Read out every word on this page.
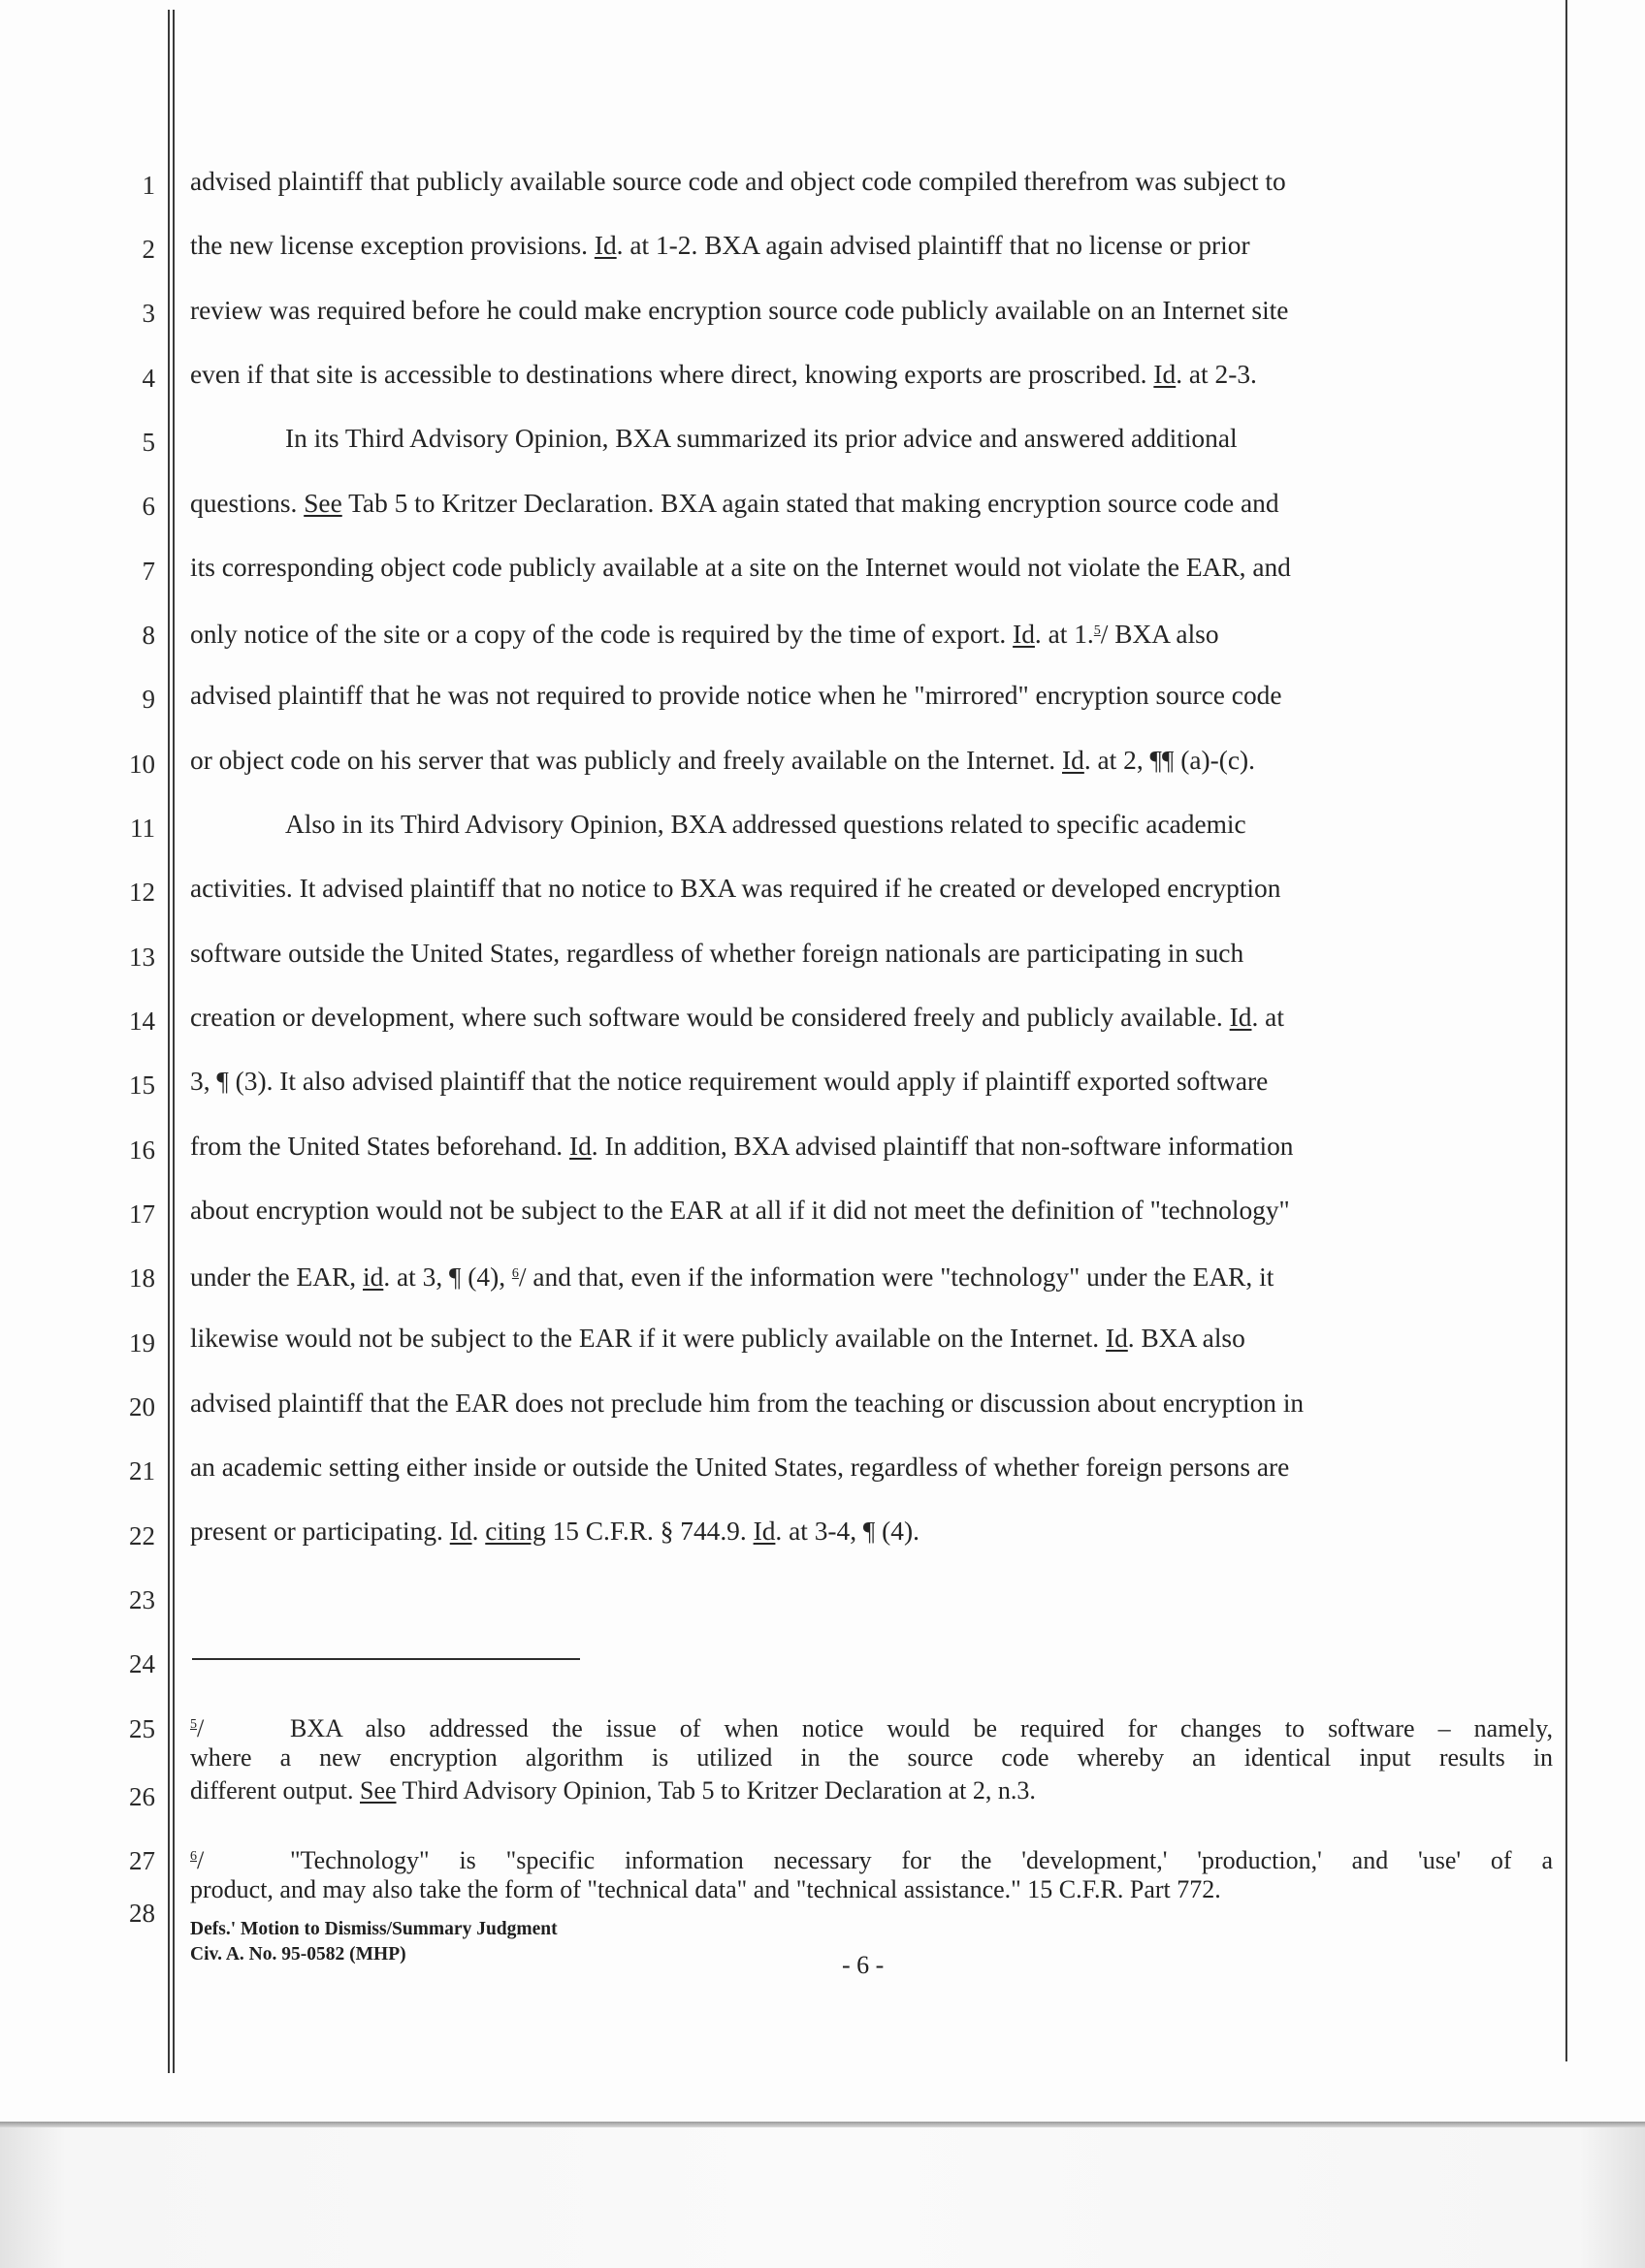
1
2
3
4
5
6
7
8
9
10
11
12
13
14
15
16
17
18
19
20
21
22
23
24
25
26
27
28
advised plaintiff that publicly available source code and object code compiled therefrom was subject to
the new license exception provisions. Id. at 1-2. BXA again advised plaintiff that no license or prior
review was required before he could make encryption source code publicly available on an Internet site
even if that site is accessible to destinations where direct, knowing exports are proscribed. Id. at 2-3.
In its Third Advisory Opinion, BXA summarized its prior advice and answered additional
questions. See Tab 5 to Kritzer Declaration. BXA again stated that making encryption source code and
its corresponding object code publicly available at a site on the Internet would not violate the EAR, and
only notice of the site or a copy of the code is required by the time of export. Id. at 1.$^5$/ BXA also
advised plaintiff that he was not required to provide notice when he "mirrored" encryption source code
or object code on his server that was publicly and freely available on the Internet. Id. at 2, ¶¶ (a)-(c).
Also in its Third Advisory Opinion, BXA addressed questions related to specific academic
activities. It advised plaintiff that no notice to BXA was required if he created or developed encryption
software outside the United States, regardless of whether foreign nationals are participating in such
creation or development, where such software would be considered freely and publicly available. Id. at
3, ¶ (3). It also advised plaintiff that the notice requirement would apply if plaintiff exported software
from the United States beforehand. Id. In addition, BXA advised plaintiff that non-software information
about encryption would not be subject to the EAR at all if it did not meet the definition of "technology"
under the EAR, id. at 3, ¶ (4), $^6$/ and that, even if the information were "technology" under the EAR, it
likewise would not be subject to the EAR if it were publicly available on the Internet. Id. BXA also
advised plaintiff that the EAR does not preclude him from the teaching or discussion about encryption in
an academic setting either inside or outside the United States, regardless of whether foreign persons are
present or participating. Id. citing 15 C.F.R. § 744.9. Id. at 3-4, ¶ (4).
$^5$/	BXA also addressed the issue of when notice would be required for changes to software – namely,
where a new encryption algorithm is utilized in the source code whereby an identical input results in
different output. See Third Advisory Opinion, Tab 5 to Kritzer Declaration at 2, n.3.
$^6$/	"Technology" is "specific information necessary for the 'development,' 'production,' and 'use' of a
product, and may also take the form of "technical data" and "technical assistance." 15 C.F.R. Part 772.
Defs.' Motion to Dismiss/Summary Judgment
Civ. A. No. 95-0582 (MHP)	- 6 -
